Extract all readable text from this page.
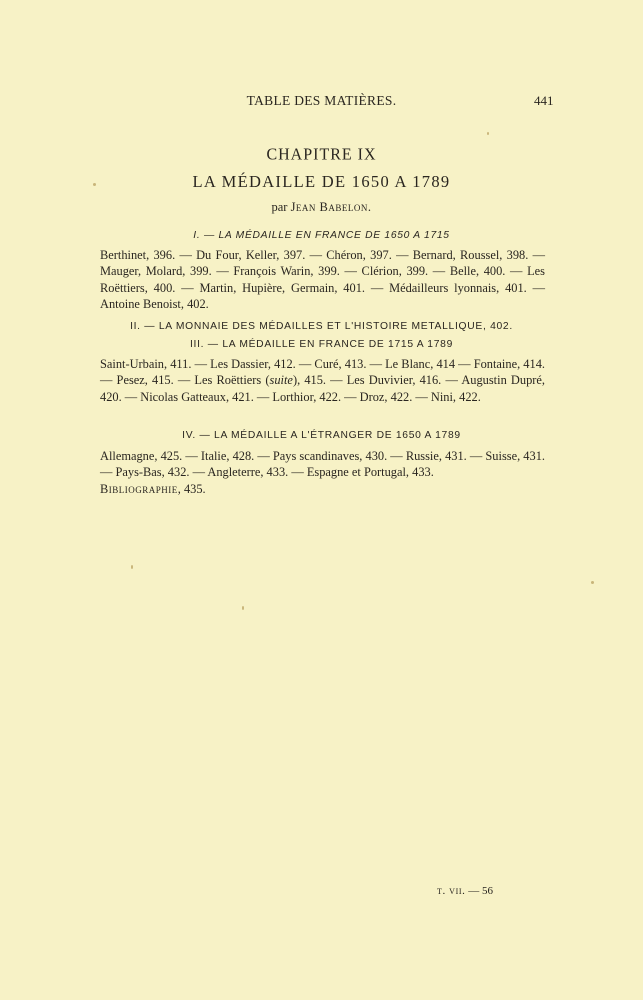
TABLE DES MATIÈRES.	441
CHAPITRE IX
LA MÉDAILLE DE 1650 A 1789
par Jean Babelon.
I. — LA MÉDAILLE EN FRANCE DE 1650 A 1715
Berthinet, 396. — Du Four, Keller, 397. — Chéron, 397. — Bernard, Roussel, 398. — Mauger, Molard, 399. — François Warin, 399. — Clérion, 399. — Belle, 400. — Les Roëttiers, 400. — Martin, Hupière, Germain, 401. — Médailleurs lyonnais, 401. — Antoine Benoist, 402.
II. — LA MONNAIE DES MÉDAILLES ET L'HISTOIRE METALLIQUE, 402.
III. — LA MÉDAILLE EN FRANCE DE 1715 A 1789
Saint-Urbain, 411. — Les Dassier, 412. — Curé, 413. — Le Blanc, 414 — Fontaine, 414. — Pesez, 415. — Les Roëttiers (suite), 415. — Les Duvivier, 416. — Augustin Dupré, 420. — Nicolas Gatteaux, 421. — Lorthior, 422. — Droz, 422. — Nini, 422.
IV. — LA MÉDAILLE A L'ÉTRANGER DE 1650 A 1789
Allemagne, 425. — Italie, 428. — Pays scandinaves, 430. — Russie, 431. — Suisse, 431. — Pays-Bas, 432. — Angleterre, 433. — Espagne et Portugal, 433.
Bibliographie, 435.
t. vii. — 56
